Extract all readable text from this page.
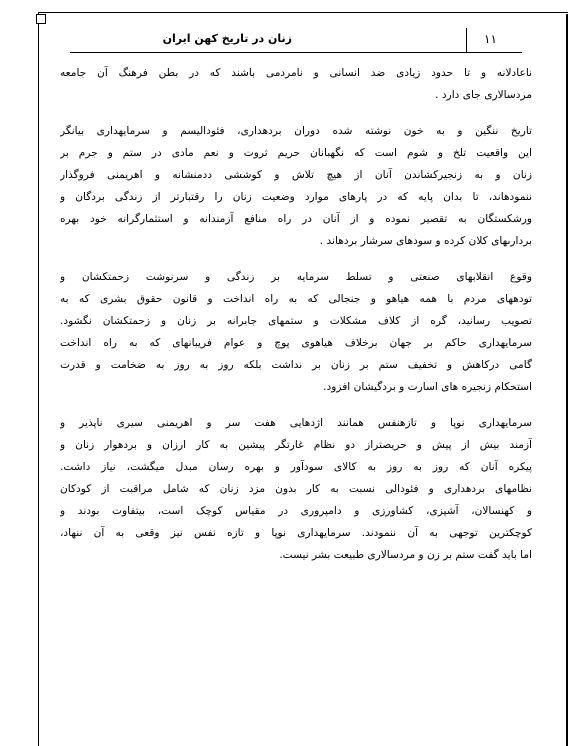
زنان در تاریخ کهن ایران	۱۱

ناعادلانه و تا حدود زیادی ضد انسانی و نامردمی باشند که در بطن فرهنگ آن جامعه
مردسالاری جای دارد .

تاریخ ننگین و به خون نوشته شده دوران بردهداری، فئودالیسم و سرمایهداری بیانگر
این واقعیت تلخ و شوم است که نگهبانان حریم ثروت و نعم مادی در ستم و جرم بر
زنان و به زنجیرکشاندن آنان از هیچ تلاش و کوششی ددمنشانه و اهریمنی فروگذار
ننمودهاند، تا بدان پایه که در پارهای موارد وضعیت زنان را رقتبارتر از زندگی بردگان و
ورشکستگان به تقصیر نموده و از آنان در راه منافع آزمندانه و استثمارگرانه خود بهره
بردارىهای کلان کرده و سودهای سرشار بردهاند .

وقوع انقلابهای صنعتی و تسلط سرمایه بر زندگی و سرنوشت زحمتکشان و
تودههای مردم با همه هیاهو و جنجالی که به راه انداخت و قانون حقوق بشری که به
تصویب رسانید، گره از کلاف مشکلات و ستمهای جابرانه بر زنان و زحمتکشان نگشود.
سرمایهداری حاکم بر جهان برخلاف هیاهوی پوچ و عوام فریبانهای که به راه انداخت
گامی درکاهش و تخفیف ستم بر زنان بر نداشت بلکه روز به روز به ضخامت و قدرت
استحکام زنجیره های اسارت و بردگیشان افزود.

سرمایهداری نوپا و تازهنفس همانند اژدهایی هفت سر و اهریمنی سیری ناپذیر و
آزمند بیش از پیش و حریصتراز دو نظام غارتگر پیشین به کار ارزان و بردهوار زنان و
پیکره آنان که روز به روز به کالای سودآور و بهره رسان مبدل میگشت، نیاز داشت.
نظامهای بردهداری و فئودالی نسبت به کار بدون مزد زنان که شامل مراقبت از کودکان
و کهنسالان، آشپزی، کشاورزی و دامپروری در مقیاس کوچک است، بیتفاوت بودند و
کوچکترین توجهی به آن ننمودند. سرمایهداری نوپا و تازه نفس نیز وقعی به آن ننهاد،
اما باید گفت ستم بر زن و مردسالاری طبیعت بشر نیست.
